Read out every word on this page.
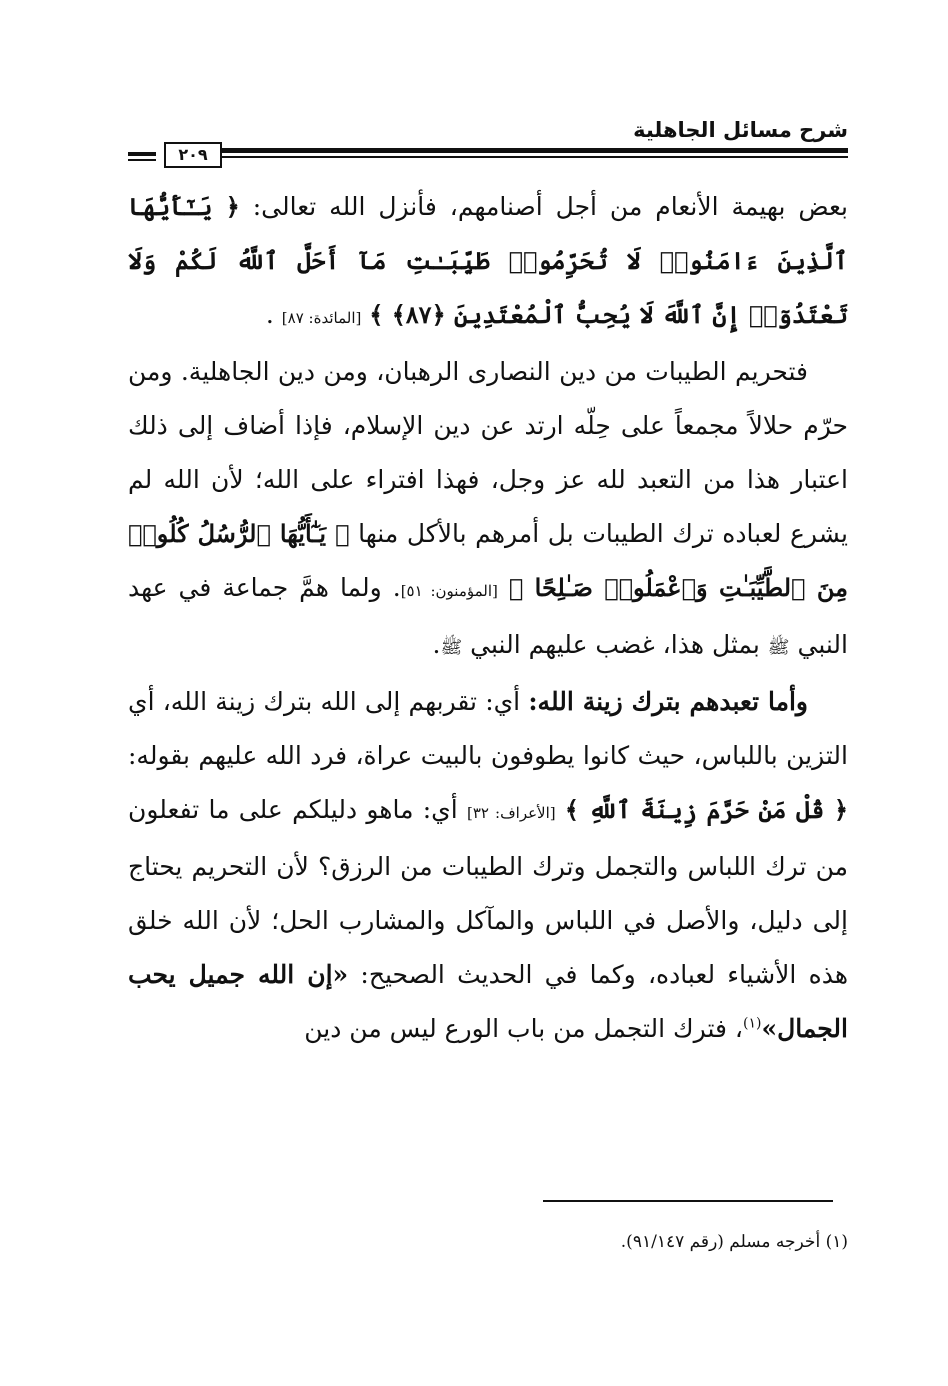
شرح مسائل الجاهلية
٢٠٩

بعض بهيمة الأنعام من أجل أصنامهم، فأنزل الله تعالى: ﴿ يَـٰٓأَيُّهَا ٱلَّذِينَ ءَامَنُوا۟ لَا تُحَرِّمُوا۟ طَيِّبَـٰتِ مَآ أَحَلَّ ٱللَّهُ لَكُمْ وَلَا تَعْتَدُوٓا۟ إِنَّ ٱللَّهَ لَا يُحِبُّ ٱلْمُعْتَدِينَ ﴿٨٧﴾ ﴾ [المائدة: ٨٧] .

فتحريم الطيبات من دين النصارى الرهبان، ومن دين الجاهلية. ومن حرّم حلالاً مجمعاً على حِلّه ارتد عن دين الإسلام، فإذا أضاف إلى ذلك اعتبار هذا من التعبد لله عز وجل، فهذا افتراء على الله؛ لأن الله لم يشرع لعباده ترك الطيبات بل أمرهم بالأكل منها ﴿ يَـٰٓأَيُّهَا ٱلرُّسُلُ كُلُوا۟ مِنَ ٱلطَّيِّبَـٰتِ وَٱعْمَلُوا۟ صَـٰلِحًا ﴾ [المؤمنون: ٥١]. ولما همَّ جماعة في عهد النبي ﷺ بمثل هذا، غضب عليهم النبي ﷺ.

وأما تعبدهم بترك زينة الله: أي: تقربهم إلى الله بترك زينة الله، أي التزين باللباس، حيث كانوا يطوفون بالبيت عراة، فرد الله عليهم بقوله: ﴿ قُلْ مَنْ حَرَّمَ زِينَةَ ٱللَّهِ ﴾ [الأعراف: ٣٢] أي: ماهو دليلكم على ما تفعلون من ترك اللباس والتجمل وترك الطيبات من الرزق؟ لأن التحريم يحتاج إلى دليل، والأصل في اللباس والمآكل والمشارب الحل؛ لأن الله خلق هذه الأشياء لعباده، وكما في الحديث الصحيح: «إن الله جميل يحب الجمال»$^{(١)}$، فترك التجمل من باب الورع ليس من دين

(١) أخرجه مسلم (رقم ٩١/١٤٧).
